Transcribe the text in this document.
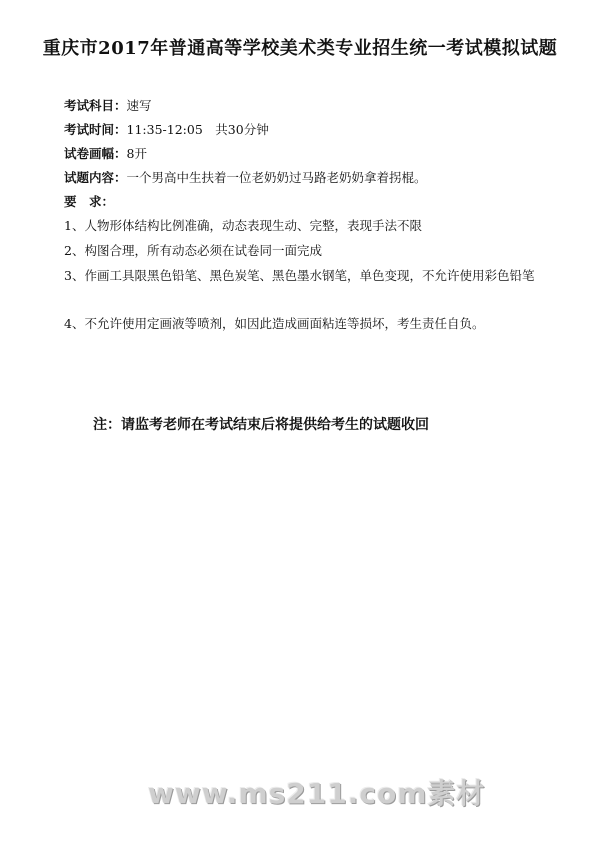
重庆市2017年普通高等学校美术类专业招生统一考试模拟试题
考试科目：速写
考试时间：11:35-12:05　共30分钟
试卷画幅：8开
试题内容：一个男高中生扶着一位老奶奶过马路老奶奶拿着拐棍。
要　求：
1、人物形体结构比例准确，动态表现生动、完整，表现手法不限
2、构图合理，所有动态必须在试卷同一面完成
3、作画工具限黑色铅笔、黑色炭笔、黑色墨水钢笔，单色变现，不允许使用彩色铅笔
4、不允许使用定画液等喷剂，如因此造成画面粘连等损坏，考生责任自负。
注：请监考老师在考试结束后将提供给考生的试题收回
www.ms211.com素材
